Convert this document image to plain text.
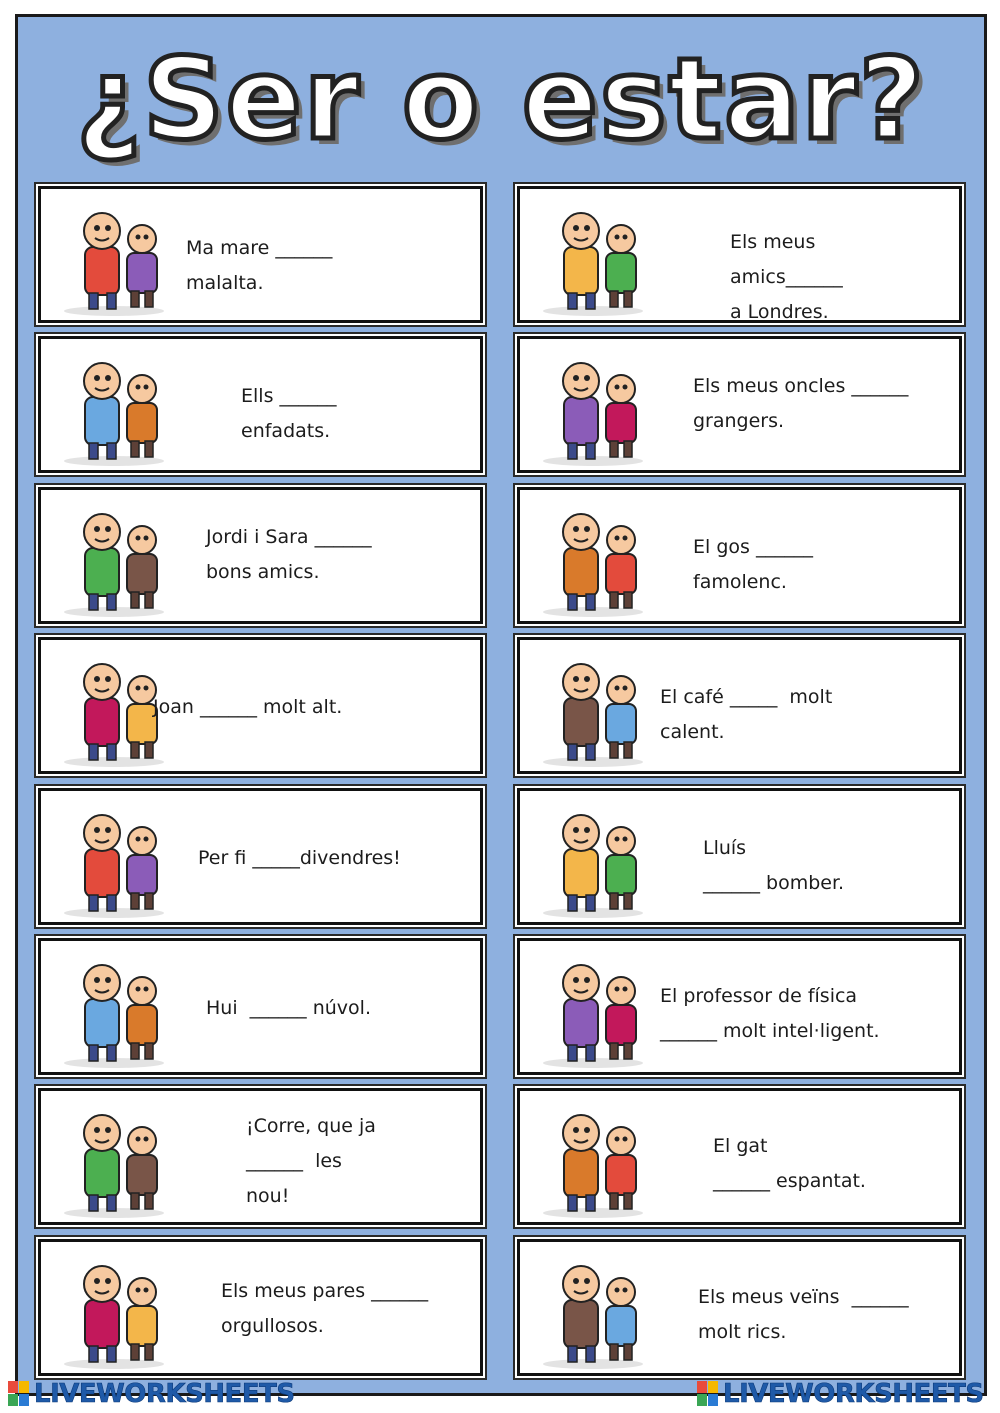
¿Ser o estar?
Ma mare ______
malalta.
Els meus
amics______
a Londres.
Ells ______
enfadats.
Els meus oncles ______
grangers.
Jordi i Sara ______
bons amics.
El gos ______
famolenc.
Joan ______ molt alt.	El café _____  molt
calent.
Per fi _____divendres!	Lluís
______ bomber.
Hui  ______ núvol.
El professor de física
______ molt intel·ligent.
¡Corre, que ja
______  les
nou!
El gat
______ espantat.
Els meus pares ______
orgullosos.
Els meus veïns  ______
molt rics.
LIVEWORKSHEETS	LIVEWORKSHEETS
